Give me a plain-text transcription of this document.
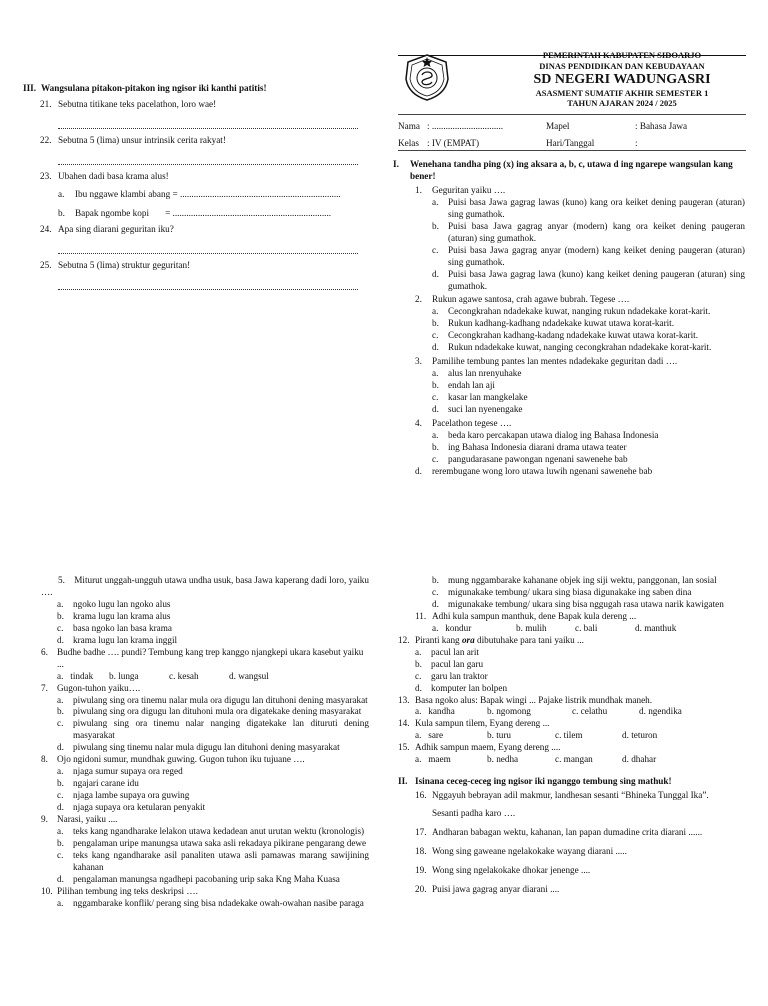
III. Wangsulana pitakon-pitakon ing ngisor iki kanthi patitis!
21. Sebutna titikane teks pacelathon, loro wae!
22. Sebutna 5 (lima) unsur intrinsik cerita rakyat!
23. Ubahen dadi basa krama alus!
a.	Ibu nggawe klambi abang = ......................................................................
b.	Bapak ngombe kopi       = .....................................................................
24. Apa sing diarani geguritan iku?
25. Sebutna 5 (lima) struktur geguritan!
PEMERINTAH KABUPATEN SIDOARJO
DINAS PENDIDIKAN DAN KEBUDAYAAN
SD NEGERI WADUNGASRI
ASASMENT SUMATIF AKHIR SEMESTER 1
TAHUN AJARAN 2024 / 2025
Nama : ...............................	Mapel	: Bahasa Jawa
Kelas : IV (EMPAT)	Hari/Tanggal	:
I.	Wenehana tandha ping (x) ing aksara a, b, c, utawa d ing ngarepe wangsulan kang bener!
1.	Geguritan yaiku ….
a.	Puisi basa Jawa gagrag lawas (kuno) kang ora keiket dening paugeran (aturan) sing gumathok.
b. Puisi basa Jawa gagrag anyar (modern) kang ora keiket dening paugeran (aturan) sing gumathok.
c.	Puisi basa Jawa gagrag anyar (modern) kang keiket dening paugeran (aturan) sing gumathok.
d. Puisi basa Jawa gagrag lawa (kuno) kang keiket dening paugeran (aturan) sing gumathok.
2.	Rukun agawe santosa, crah agawe bubrah. Tegese ….
a.	Cecongkrahan ndadekake kuwat, nanging rukun ndadekake korat-karit.
b. Rukun kadhang-kadhang ndadekake kuwat utawa korat-karit.
c.	Cecongkrahan kadhang-kadang ndadekake kuwat utawa korat-karit.
d. Rukun ndadekake kuwat, nanging cecongkrahan ndadekake korat-karit.
3.	Pamilihe tembung pantes lan mentes ndadekake geguritan dadi ….
a.	alus lan nrenyuhake
b. endah lan aji
c.	kasar lan mangkelake
d. suci lan nyenengake
4.	Pacelathon tegese ….
a.	beda karo percakapan utawa dialog ing Bahasa Indonesia
b. ing Bahasa Indonesia diarani drama utawa teater
c.	pangudarasane pawongan ngenani sawenehe bab
d.	rerembugane wong loro utawa luwih ngenani sawenehe bab
5. Miturut unggah-ungguh utawa undha usuk, basa Jawa kaperang dadi loro, yaiku ….
a.	ngoko lugu lan ngoko alus
b. krama lugu lan krama alus
c.	basa ngoko lan basa krama
d. krama lugu lan krama inggil
6. Budhe badhe …. pundi? Tembung kang trep kanggo njangkepi ukara kasebut yaiku ...
a.   tindak	b. lunga	c. kesah	d. wangsul
7. Gugon-tuhon yaiku….
a.	piwulang sing ora tinemu nalar mula ora digugu lan dituhoni dening masyarakat
b. piwulang sing ora digugu lan dituhoni mula ora digatekake dening masyarakat
c.	piwulang sing ora tinemu nalar nanging digatekake lan dituruti dening masyarakat
d. piwulang sing tinemu nalar mula digugu lan dituhoni dening masyarakat
8. Ojo ngidoni sumur, mundhak guwing. Gugon tuhon iku tujuane ….
a.	njaga sumur supaya ora reged
b. ngajari carane idu
c.	njaga lambe supaya ora guwing
d. njaga supaya ora ketularan penyakit
9. Narasi, yaiku ....
a.	teks kang ngandharake lelakon utawa kedadean anut urutan wektu (kronologis)
b. pengalaman uripe manungsa utawa saka asli rekadaya pikirane pengarang dewe
c.	teks kang ngandharake asil panaliten utawa asli pamawas marang sawijining kahanan
d. pengalaman manungsa ngadhepi pacobaning urip saka Kng Maha Kuasa
10. Pilihan tembung ing teks deskripsi ….
a.	nggambarake konflik/ perang sing bisa ndadekake owah-owahan nasibe paraga
b. mung nggambarake kahanane objek ing siji wektu, panggonan, lan sosial
c.	migunakake tembung/ ukara sing biasa digunakake ing saben dina
d. migunakake tembung/ ukara sing bisa nggugah rasa utawa narik kawigaten
11. Adhi kula sampun manthuk, dene Bapak kula dereng ...
a.   kondur	b. mulih	c. bali	d. manthuk
12. Piranti kang ora dibutuhake para tani yaiku ...
a.	pacul lan arit
b. pacul lan garu
c.	garu lan traktor
d. komputer lan bolpen
13. Basa ngoko alus: Bapak wingi ... Pajake listrik mundhak maneh.
a.   kandha	b. ngomong	c. celathu	d. ngendika
14. Kula sampun tilem, Eyang dereng ...
a.   sare	b. turu	c. tilem	d. teturon
15. Adhik sampun maem, Eyang dereng ....
a.   maem	b. nedha	c. mangan	d. dhahar
II. Isinana ceceg-ceceg ing ngisor iki nganggo tembung sing mathuk!
16. Nggayuh bebrayan adil makmur, landhesan sesanti “Bhineka Tunggal Ika”.
Sesanti padha karo ….
17. Andharan babagan wektu, kahanan, lan papan dumadine crita diarani ......
18. Wong sing gaweane ngelakokake wayang diarani .....
19. Wong sing ngelakokake dhokar jenenge ....
20. Puisi jawa gagrag anyar diarani ....
